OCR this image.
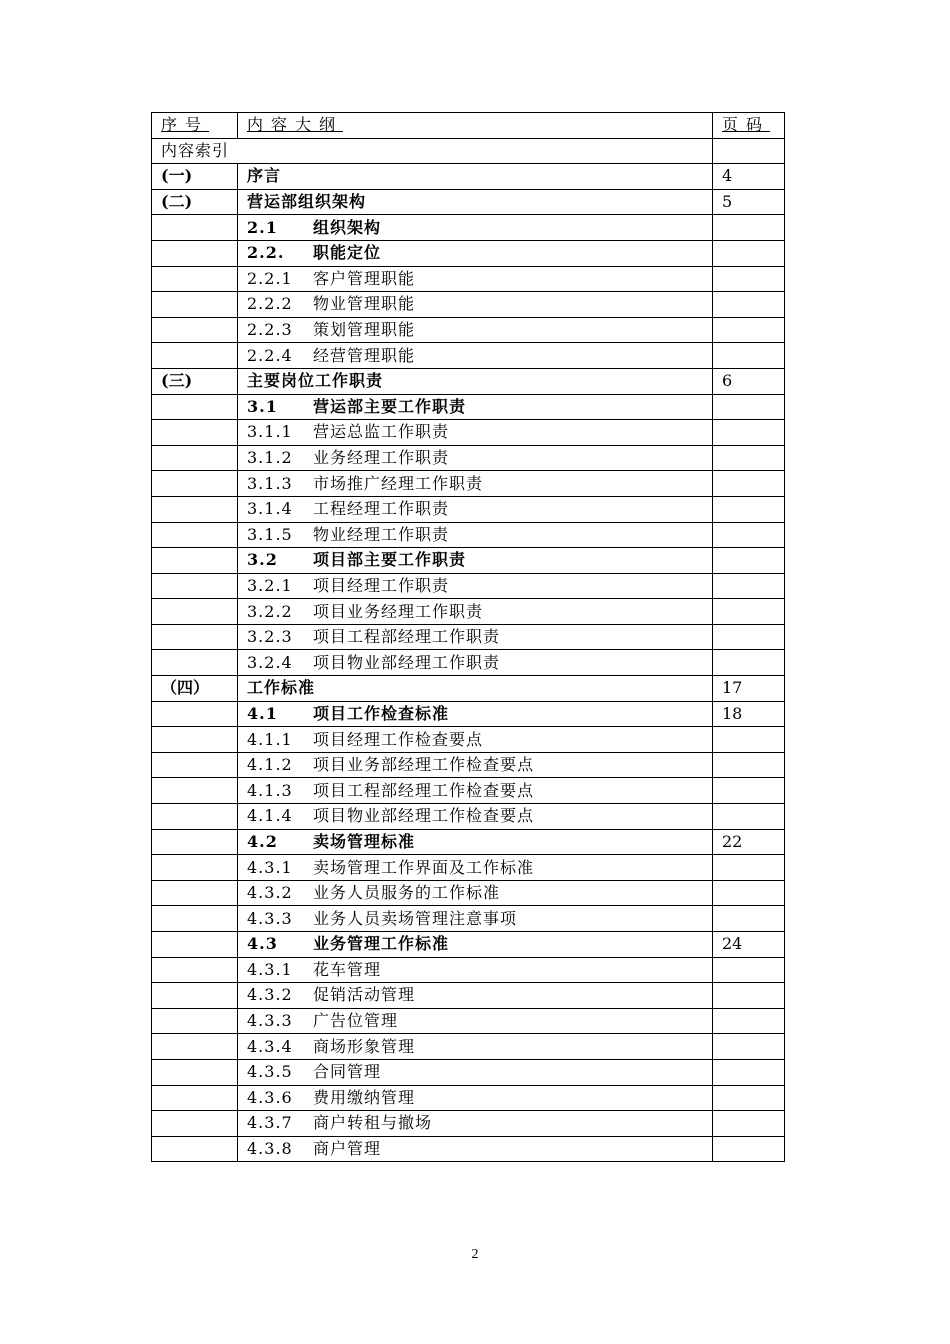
序号	内容大纲	页码
内容索引		
(一)	序言	4
(二)	营运部组织架构	5
	2.1 组织架构	
	2.2. 职能定位	
	2.2.1 客户管理职能	
	2.2.2 物业管理职能	
	2.2.3 策划管理职能	
	2.2.4 经营管理职能	
(三)	主要岗位工作职责	6
	3.1 营运部主要工作职责	
	3.1.1 营运总监工作职责	
	3.1.2 业务经理工作职责	
	3.1.3 市场推广经理工作职责	
	3.1.4 工程经理工作职责	
	3.1.5 物业经理工作职责	
	3.2 项目部主要工作职责	
	3.2.1 项目经理工作职责	
	3.2.2 项目业务经理工作职责	
	3.2.3 项目工程部经理工作职责	
	3.2.4 项目物业部经理工作职责	
（四）	工作标准	17
	4.1 项目工作检查标准	18
	4.1.1 项目经理工作检查要点	
	4.1.2 项目业务部经理工作检查要点	
	4.1.3 项目工程部经理工作检查要点	
	4.1.4 项目物业部经理工作检查要点	
	4.2 卖场管理标准	22
	4.3.1 卖场管理工作界面及工作标准	
	4.3.2 业务人员服务的工作标准	
	4.3.3 业务人员卖场管理注意事项	
	4.3 业务管理工作标准	24
	4.3.1 花车管理	
	4.3.2 促销活动管理	
	4.3.3 广告位管理	
	4.3.4 商场形象管理	
	4.3.5 合同管理	
	4.3.6 费用缴纳管理	
	4.3.7 商户转租与撤场	
	4.3.8 商户管理	
2
